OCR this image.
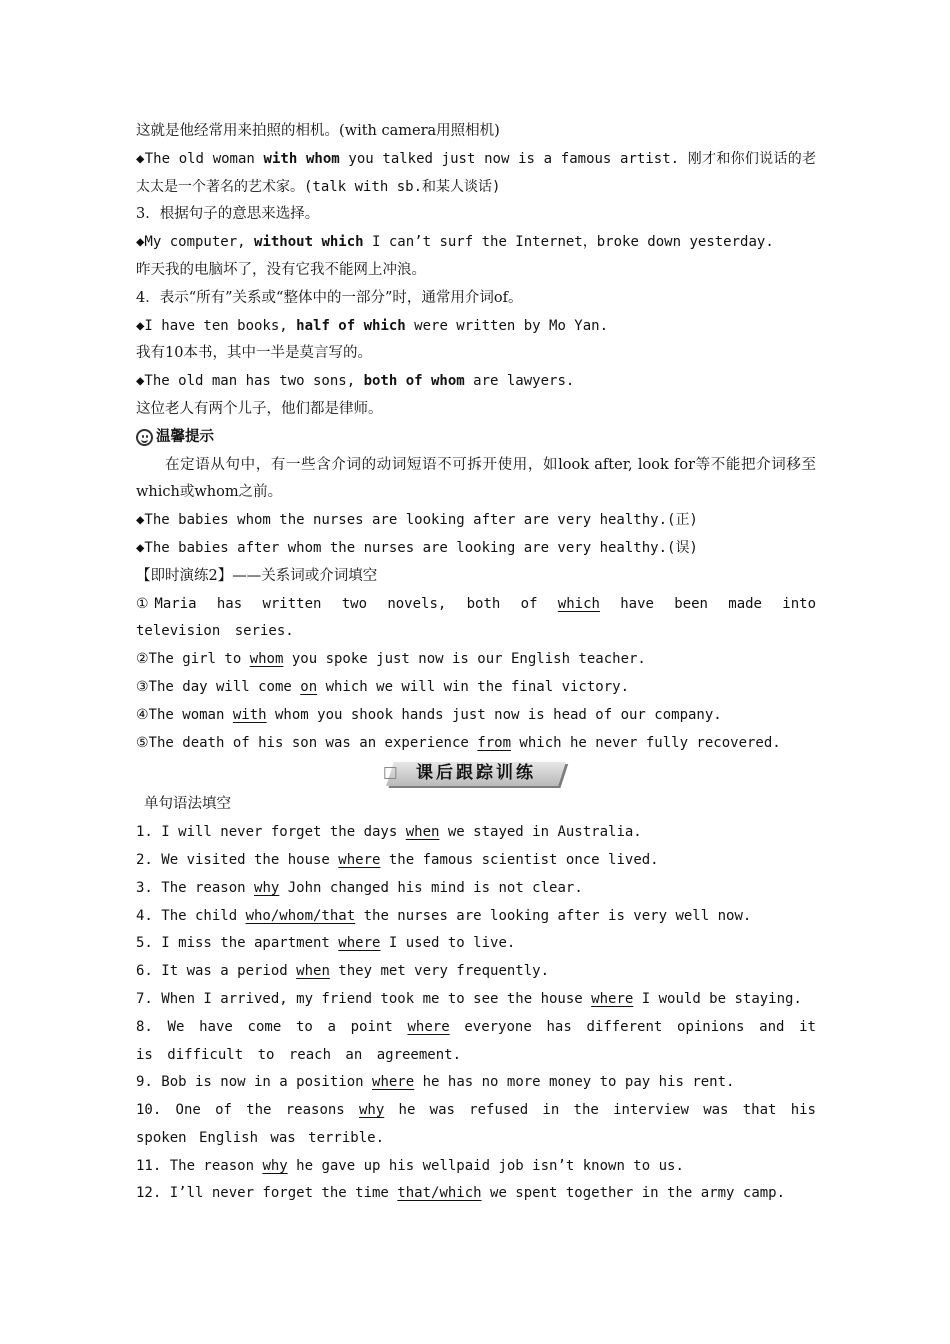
这就是他经常用来拍照的相机。(with camera用照相机)
◆The old woman with whom you talked just now is a famous artist. 刚才和你们说话的老太太是一个著名的艺术家。(talk with sb.和某人谈话)
3．根据句子的意思来选择。
◆My computer, without which I can’t surf the Internet，broke down yesterday.
昨天我的电脑坏了，没有它我不能网上冲浪。
4．表示“所有”关系或“整体中的一部分”时，通常用介词of。
◆I have ten books, half of which were written by Mo Yan.
我有10本书，其中一半是莫言写的。
◆The old man has two sons, both of whom are lawyers.
这位老人有两个儿子，他们都是律师。
温馨提示
在定语从句中，有一些含介词的动词短语不可拆开使用，如look after, look for等不能把介词移至which或whom之前。
◆The babies whom the nurses are looking after are very healthy.(正)
◆The babies after whom the nurses are looking are very healthy.(误)
【即时演练2】——关系词或介词填空
①Maria has written two novels, both of which have been made into television series.
②The girl to whom you spoke just now is our English teacher.
③The day will come on which we will win the final victory.
④The woman with whom you shook hands just now is head of our company.
⑤The death of his son was an experience from which he never fully recovered.
课后跟踪训练
单句语法填空
1. I will never forget the days when we stayed in Australia.
2. We visited the house where the famous scientist once lived.
3. The reason why John changed his mind is not clear.
4. The child who/whom/that the nurses are looking after is very well now.
5. I miss the apartment where I used to live.
6. It was a period when they met very frequently.
7. When I arrived, my friend took me to see the house where I would be staying.
8. We have come to a point where everyone has different opinions and it is difficult to reach an agreement.
9. Bob is now in a position where he has no more money to pay his rent.
10. One of the reasons why he was refused in the interview was that his spoken English was terrible.
11. The reason why he gave up his wellpaid job isn’t known to us.
12. I’ll never forget the time that/which we spent together in the army camp.
